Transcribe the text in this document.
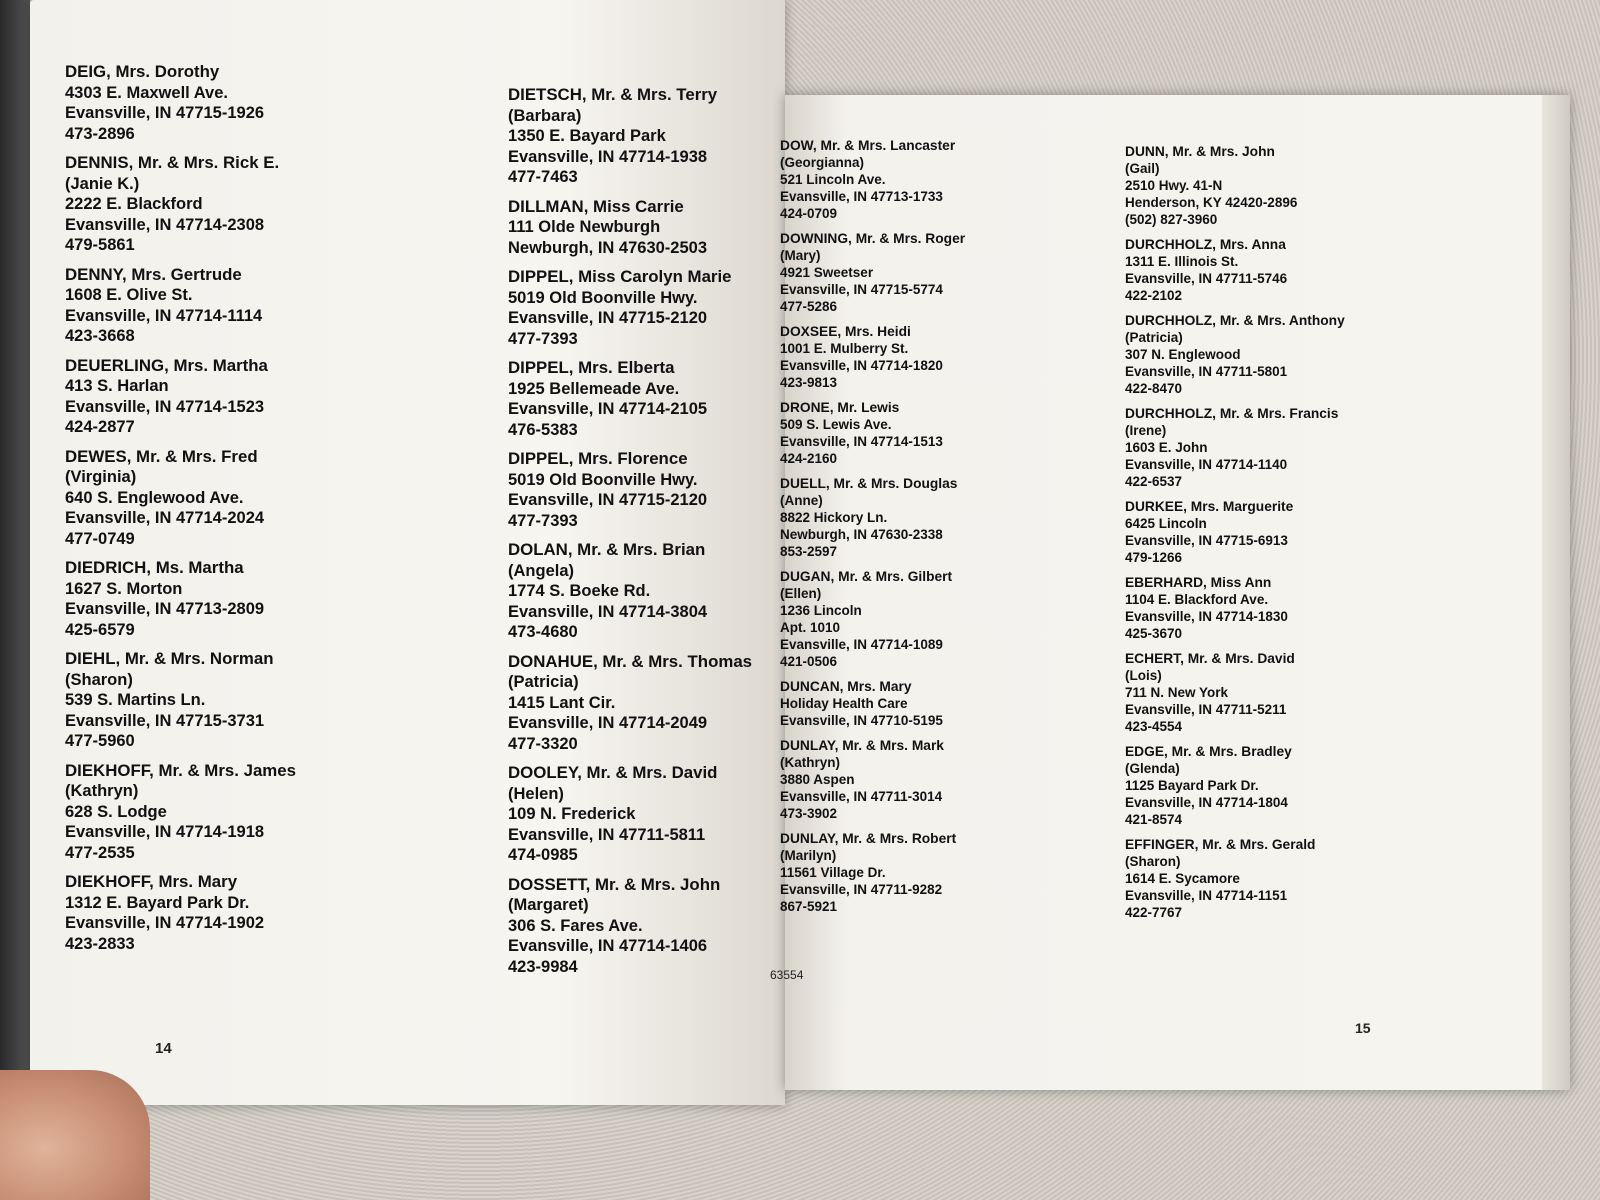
DEIG, Mrs. Dorothy
4303 E. Maxwell Ave.
Evansville, IN 47715-1926
473-2896
DENNIS, Mr. & Mrs. Rick E.
(Janie K.)
2222 E. Blackford
Evansville, IN 47714-2308
479-5861
DENNY, Mrs. Gertrude
1608 E. Olive St.
Evansville, IN 47714-1114
423-3668
DEUERLING, Mrs. Martha
413 S. Harlan
Evansville, IN 47714-1523
424-2877
DEWES, Mr. & Mrs. Fred
(Virginia)
640 S. Englewood Ave.
Evansville, IN 47714-2024
477-0749
DIEDRICH, Ms. Martha
1627 S. Morton
Evansville, IN 47713-2809
425-6579
DIEHL, Mr. & Mrs. Norman
(Sharon)
539 S. Martins Ln.
Evansville, IN 47715-3731
477-5960
DIEKHOFF, Mr. & Mrs. James
(Kathryn)
628 S. Lodge
Evansville, IN 47714-1918
477-2535
DIEKHOFF, Mrs. Mary
1312 E. Bayard Park Dr.
Evansville, IN 47714-1902
423-2833
DIETSCH, Mr. & Mrs. Terry
(Barbara)
1350 E. Bayard Park
Evansville, IN 47714-1938
477-7463
DILLMAN, Miss Carrie
111 Olde Newburgh
Newburgh, IN 47630-2503
DIPPEL, Miss Carolyn Marie
5019 Old Boonville Hwy.
Evansville, IN 47715-2120
477-7393
DIPPEL, Mrs. Elberta
1925 Bellemeade Ave.
Evansville, IN 47714-2105
476-5383
DIPPEL, Mrs. Florence
5019 Old Boonville Hwy.
Evansville, IN 47715-2120
477-7393
DOLAN, Mr. & Mrs. Brian
(Angela)
1774 S. Boeke Rd.
Evansville, IN 47714-3804
473-4680
DONAHUE, Mr. & Mrs. Thomas
(Patricia)
1415 Lant Cir.
Evansville, IN 47714-2049
477-3320
DOOLEY, Mr. & Mrs. David
(Helen)
109 N. Frederick
Evansville, IN 47711-5811
474-0985
DOSSETT, Mr. & Mrs. John
(Margaret)
306 S. Fares Ave.
Evansville, IN 47714-1406
423-9984
14
DOW, Mr. & Mrs. Lancaster
(Georgianna)
521 Lincoln Ave.
Evansville, IN 47713-1733
424-0709
DOWNING, Mr. & Mrs. Roger
(Mary)
4921 Sweetser
Evansville, IN 47715-5774
477-5286
DOXSEE, Mrs. Heidi
1001 E. Mulberry St.
Evansville, IN 47714-1820
423-9813
DRONE, Mr. Lewis
509 S. Lewis Ave.
Evansville, IN 47714-1513
424-2160
DUELL, Mr. & Mrs. Douglas
(Anne)
8822 Hickory Ln.
Newburgh, IN 47630-2338
853-2597
DUGAN, Mr. & Mrs. Gilbert
(Ellen)
1236 Lincoln
Apt. 1010
Evansville, IN 47714-1089
421-0506
DUNCAN, Mrs. Mary
Holiday Health Care
Evansville, IN 47710-5195
DUNLAY, Mr. & Mrs. Mark
(Kathryn)
3880 Aspen
Evansville, IN 47711-3014
473-3902
DUNLAY, Mr. & Mrs. Robert
(Marilyn)
11561 Village Dr.
Evansville, IN 47711-9282
867-5921
DUNN, Mr. & Mrs. John
(Gail)
2510 Hwy. 41-N
Henderson, KY 42420-2896
(502) 827-3960
DURCHHOLZ, Mrs. Anna
1311 E. Illinois St.
Evansville, IN 47711-5746
422-2102
DURCHHOLZ, Mr. & Mrs. Anthony
(Patricia)
307 N. Englewood
Evansville, IN 47711-5801
422-8470
DURCHHOLZ, Mr. & Mrs. Francis
(Irene)
1603 E. John
Evansville, IN 47714-1140
422-6537
DURKEE, Mrs. Marguerite
6425 Lincoln
Evansville, IN 47715-6913
479-1266
EBERHARD, Miss Ann
1104 E. Blackford Ave.
Evansville, IN 47714-1830
425-3670
ECHERT, Mr. & Mrs. David
(Lois)
711 N. New York
Evansville, IN 47711-5211
423-4554
EDGE, Mr. & Mrs. Bradley
(Glenda)
1125 Bayard Park Dr.
Evansville, IN 47714-1804
421-8574
EFFINGER, Mr. & Mrs. Gerald
(Sharon)
1614 E. Sycamore
Evansville, IN 47714-1151
422-7767
63554
15
